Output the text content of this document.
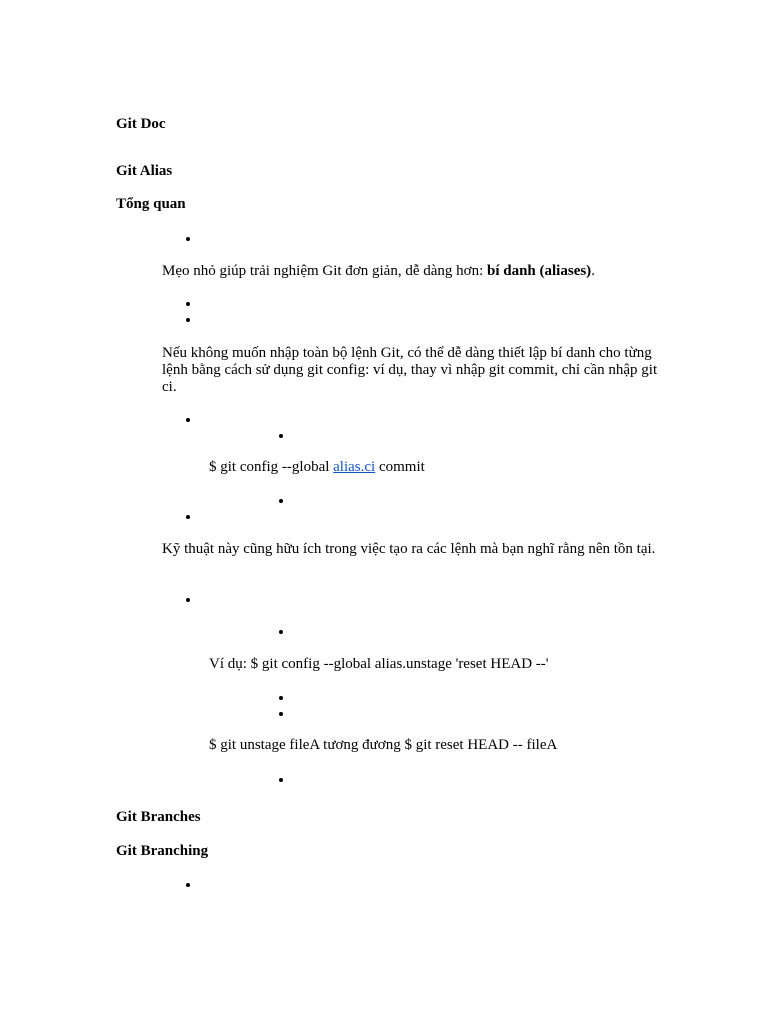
Git Doc
Git Alias
Tổng quan
Mẹo nhỏ giúp trải nghiệm Git đơn giản, dễ dàng hơn: bí danh (aliases).
Nếu không muốn nhập toàn bộ lệnh Git, có thể dễ dàng thiết lập bí danh cho từng lệnh bằng cách sử dụng git config: ví dụ, thay vì nhập git commit, chỉ cần nhập git ci.
$ git config --global alias.ci commit
Kỹ thuật này cũng hữu ích trong việc tạo ra các lệnh mà bạn nghĩ rằng nên tồn tại.
Ví dụ: $ git config --global alias.unstage 'reset HEAD --'
$ git unstage fileA tương đương $ git reset HEAD -- fileA
Git Branches
Git Branching
